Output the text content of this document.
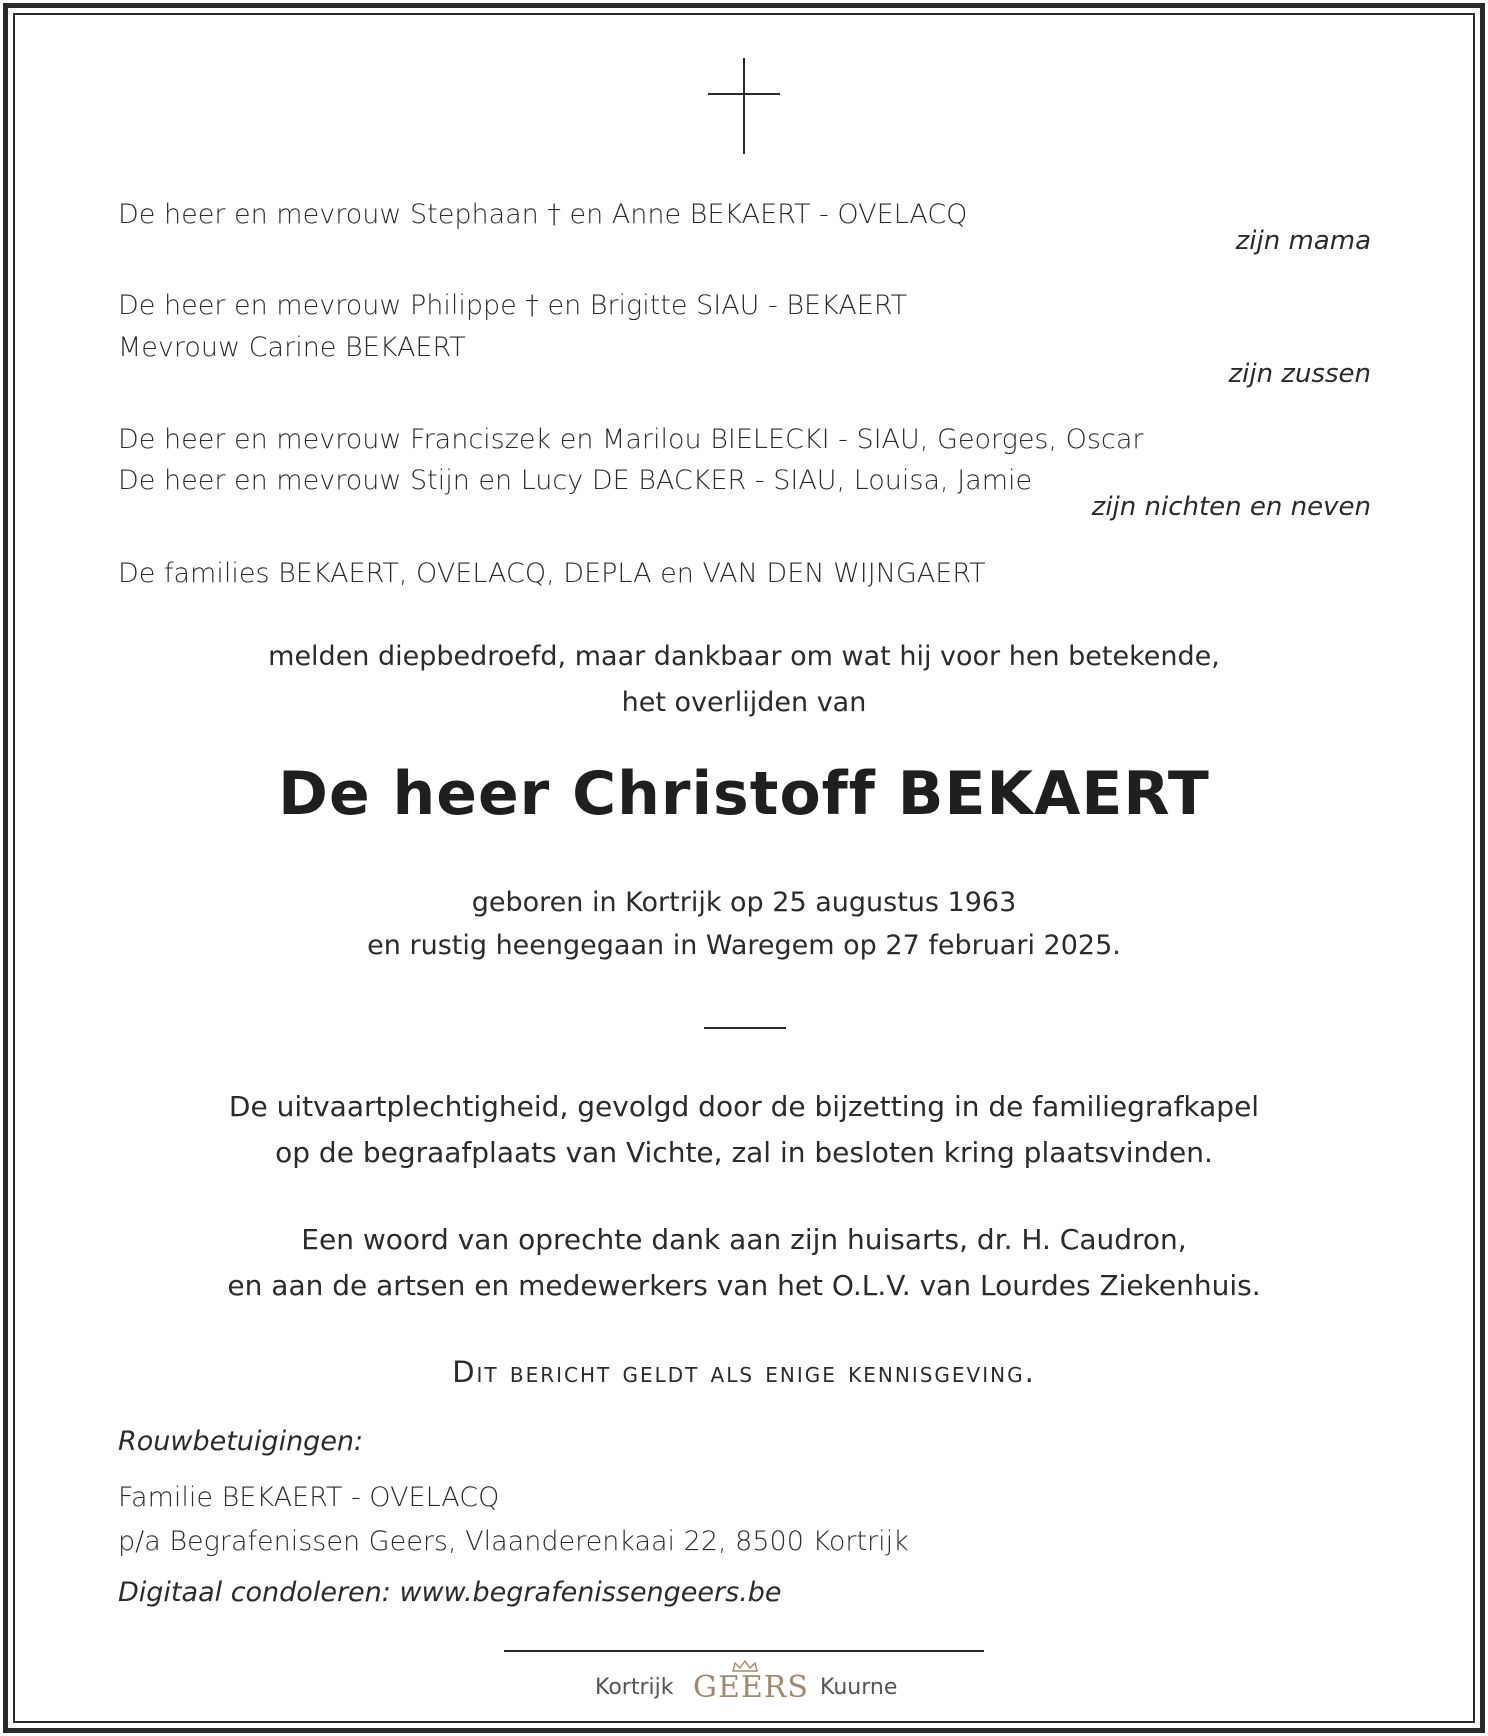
De heer en mevrouw Stephaan † en Anne BEKAERT - OVELACQ
zijn mama
De heer en mevrouw Philippe † en Brigitte SIAU - BEKAERT
Mevrouw Carine BEKAERT
zijn zussen
De heer en mevrouw Franciszek en Marilou BIELECKI - SIAU, Georges, Oscar
De heer en mevrouw Stijn en Lucy DE BACKER - SIAU, Louisa, Jamie
zijn nichten en neven
De families BEKAERT, OVELACQ, DEPLA en VAN DEN WIJNGAERT
melden diepbedroefd, maar dankbaar om wat hij voor hen betekende,
het overlijden van
De heer Christoff BEKAERT
geboren in Kortrijk op 25 augustus 1963
en rustig heengegaan in Waregem op 27 februari 2025.
De uitvaartplechtigheid, gevolgd door de bijzetting in de familiegrafkapel
op de begraafplaats van Vichte, zal in besloten kring plaatsvinden.
Een woord van oprechte dank aan zijn huisarts, dr. H. Caudron,
en aan de artsen en medewerkers van het O.L.V. van Lourdes Ziekenhuis.
Dit bericht geldt als enige kennisgeving.
Rouwbetuigingen:
Familie BEKAERT - OVELACQ
p/a Begrafenissen Geers, Vlaanderenkaai 22, 8500 Kortrijk
Digitaal condoleren: www.begrafenissengeers.be
Kortrijk GEERS Kuurne
